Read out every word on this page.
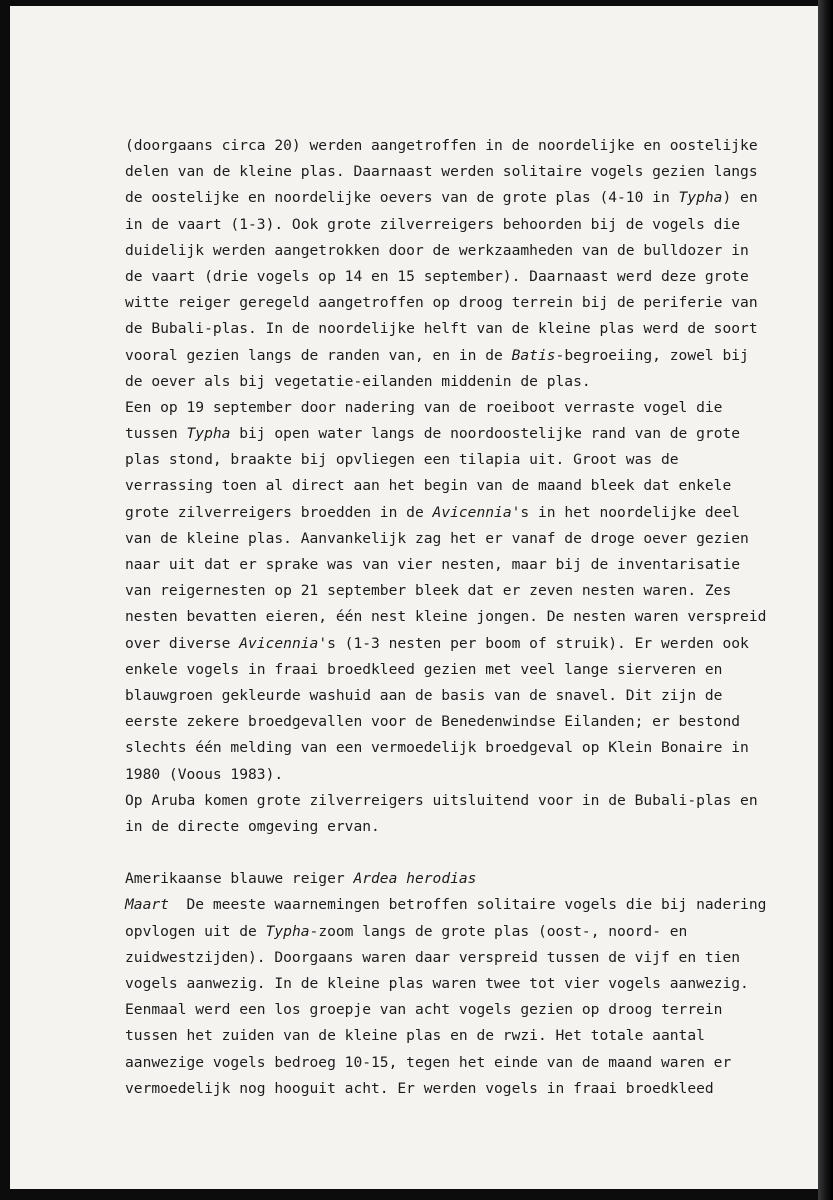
(doorgaans circa 20) werden aangetroffen in de noordelijke en oostelijke
delen van de kleine plas. Daarnaast werden solitaire vogels gezien langs
de oostelijke en noordelijke oevers van de grote plas (4-10 in Typha) en
in de vaart (1-3). Ook grote zilverreigers behoorden bij de vogels die
duidelijk werden aangetrokken door de werkzaamheden van de bulldozer in
de vaart (drie vogels op 14 en 15 september). Daarnaast werd deze grote
witte reiger geregeld aangetroffen op droog terrein bij de periferie van
de Bubali-plas. In de noordelijke helft van de kleine plas werd de soort
vooral gezien langs de randen van, en in de Batis-begroeiing, zowel bij
de oever als bij vegetatie-eilanden middenin de plas.
Een op 19 september door nadering van de roeiboot verraste vogel die
tussen Typha bij open water langs de noordoostelijke rand van de grote
plas stond, braakte bij opvliegen een tilapia uit. Groot was de
verrassing toen al direct aan het begin van de maand bleek dat enkele
grote zilverreigers broedden in de Avicennia's in het noordelijke deel
van de kleine plas. Aanvankelijk zag het er vanaf de droge oever gezien
naar uit dat er sprake was van vier nesten, maar bij de inventarisatie
van reigernesten op 21 september bleek dat er zeven nesten waren. Zes
nesten bevatten eieren, één nest kleine jongen. De nesten waren verspreid
over diverse Avicennia's (1-3 nesten per boom of struik). Er werden ook
enkele vogels in fraai broedkleed gezien met veel lange sierveren en
blauwgroen gekleurde washuid aan de basis van de snavel. Dit zijn de
eerste zekere broedgevallen voor de Benedenwindse Eilanden; er bestond
slechts één melding van een vermoedelijk broedgeval op Klein Bonaire in
1980 (Voous 1983).
Op Aruba komen grote zilverreigers uitsluitend voor in de Bubali-plas en
in de directe omgeving ervan.
Amerikaanse blauwe reiger Ardea herodias
Maart  De meeste waarnemingen betroffen solitaire vogels die bij nadering
opvlogen uit de Typha-zoom langs de grote plas (oost-, noord- en
zuidwestzijden). Doorgaans waren daar verspreid tussen de vijf en tien
vogels aanwezig. In de kleine plas waren twee tot vier vogels aanwezig.
Eenmaal werd een los groepje van acht vogels gezien op droog terrein
tussen het zuiden van de kleine plas en de rwzi. Het totale aantal
aanwezige vogels bedroeg 10-15, tegen het einde van de maand waren er
vermoedelijk nog hooguit acht. Er werden vogels in fraai broedkleed
